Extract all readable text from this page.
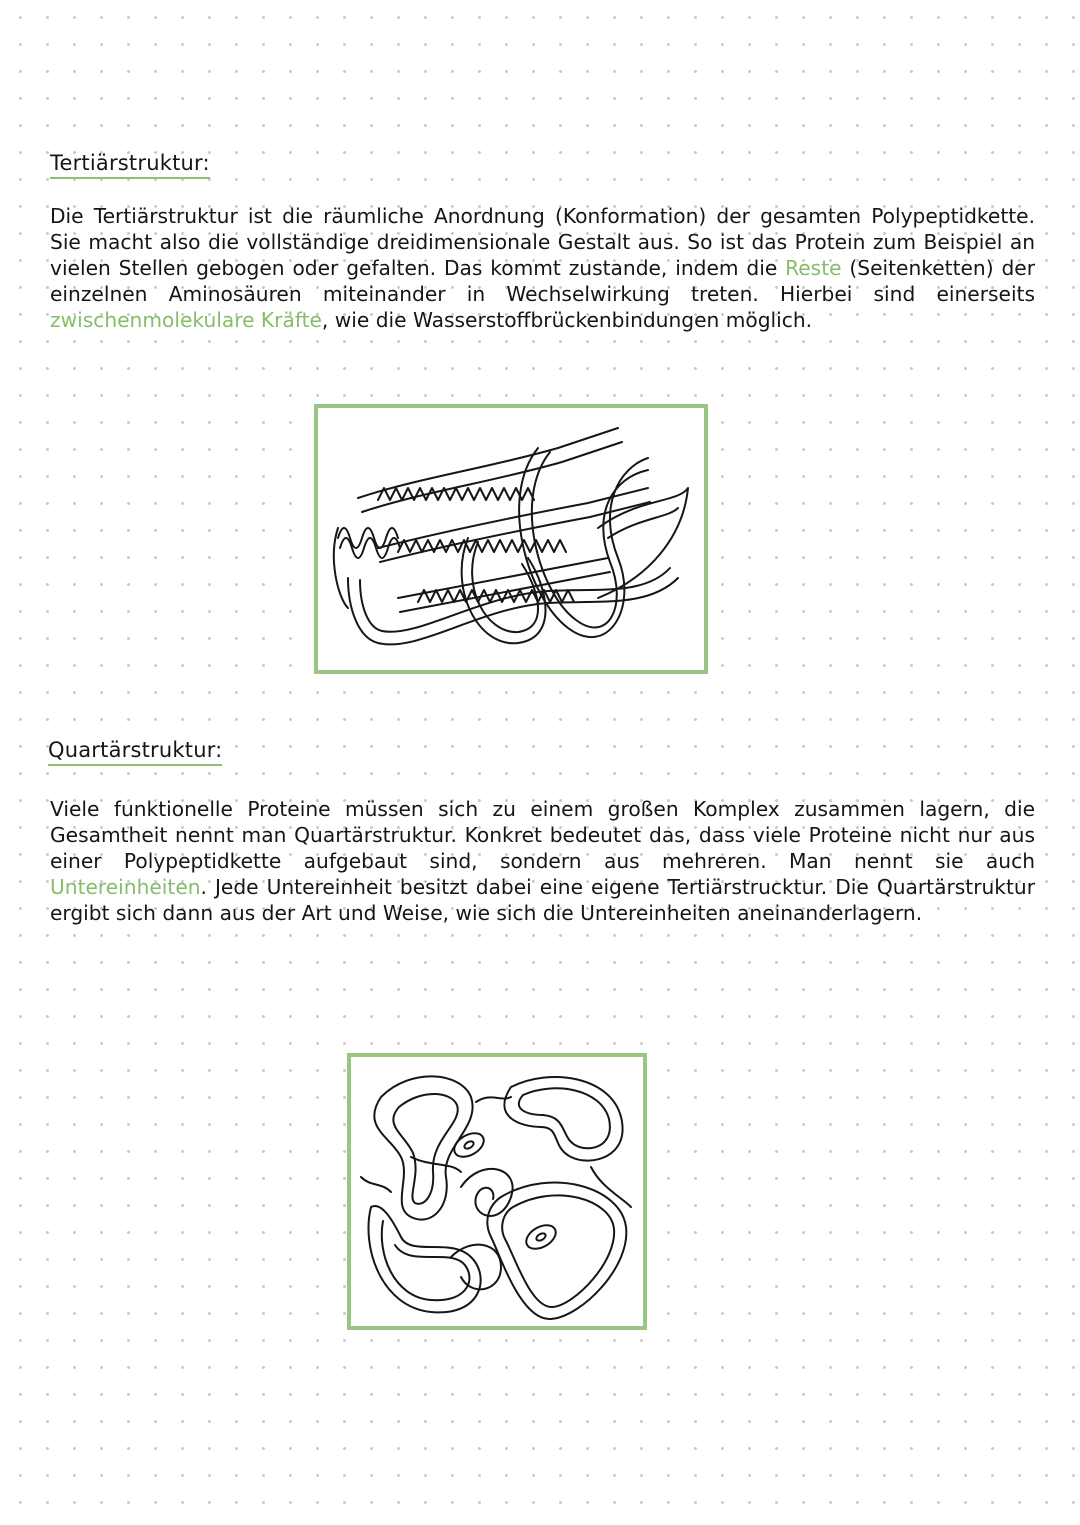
Tertiärstruktur:

Die Tertiärstruktur ist die räumliche Anordnung (Konformation) der gesamten Polypeptidkette. Sie macht also die vollständige dreidimensionale Gestalt aus. So ist das Protein zum Beispiel an vielen Stellen gebogen oder gefalten. Das kommt zustande, indem die Reste (Seitenketten) der einzelnen Aminosäuren miteinander in Wechselwirkung treten. Hierbei sind einerseits zwischenmolekulare Kräfte, wie die Wasserstoffbrückenbindungen möglich.

Quartärstruktur:

Viele funktionelle Proteine müssen sich zu einem großen Komplex zusammen lagern, die Gesamtheit nennt man Quartärstruktur. Konkret bedeutet das, dass viele Proteine nicht nur aus einer Polypeptidkette aufgebaut sind, sondern aus mehreren. Man nennt sie auch Untereinheiten. Jede Untereinheit besitzt dabei eine eigene Tertiärstrucktur. Die Quartärstruktur ergibt sich dann aus der Art und Weise, wie sich die Untereinheiten aneinanderlagern.
